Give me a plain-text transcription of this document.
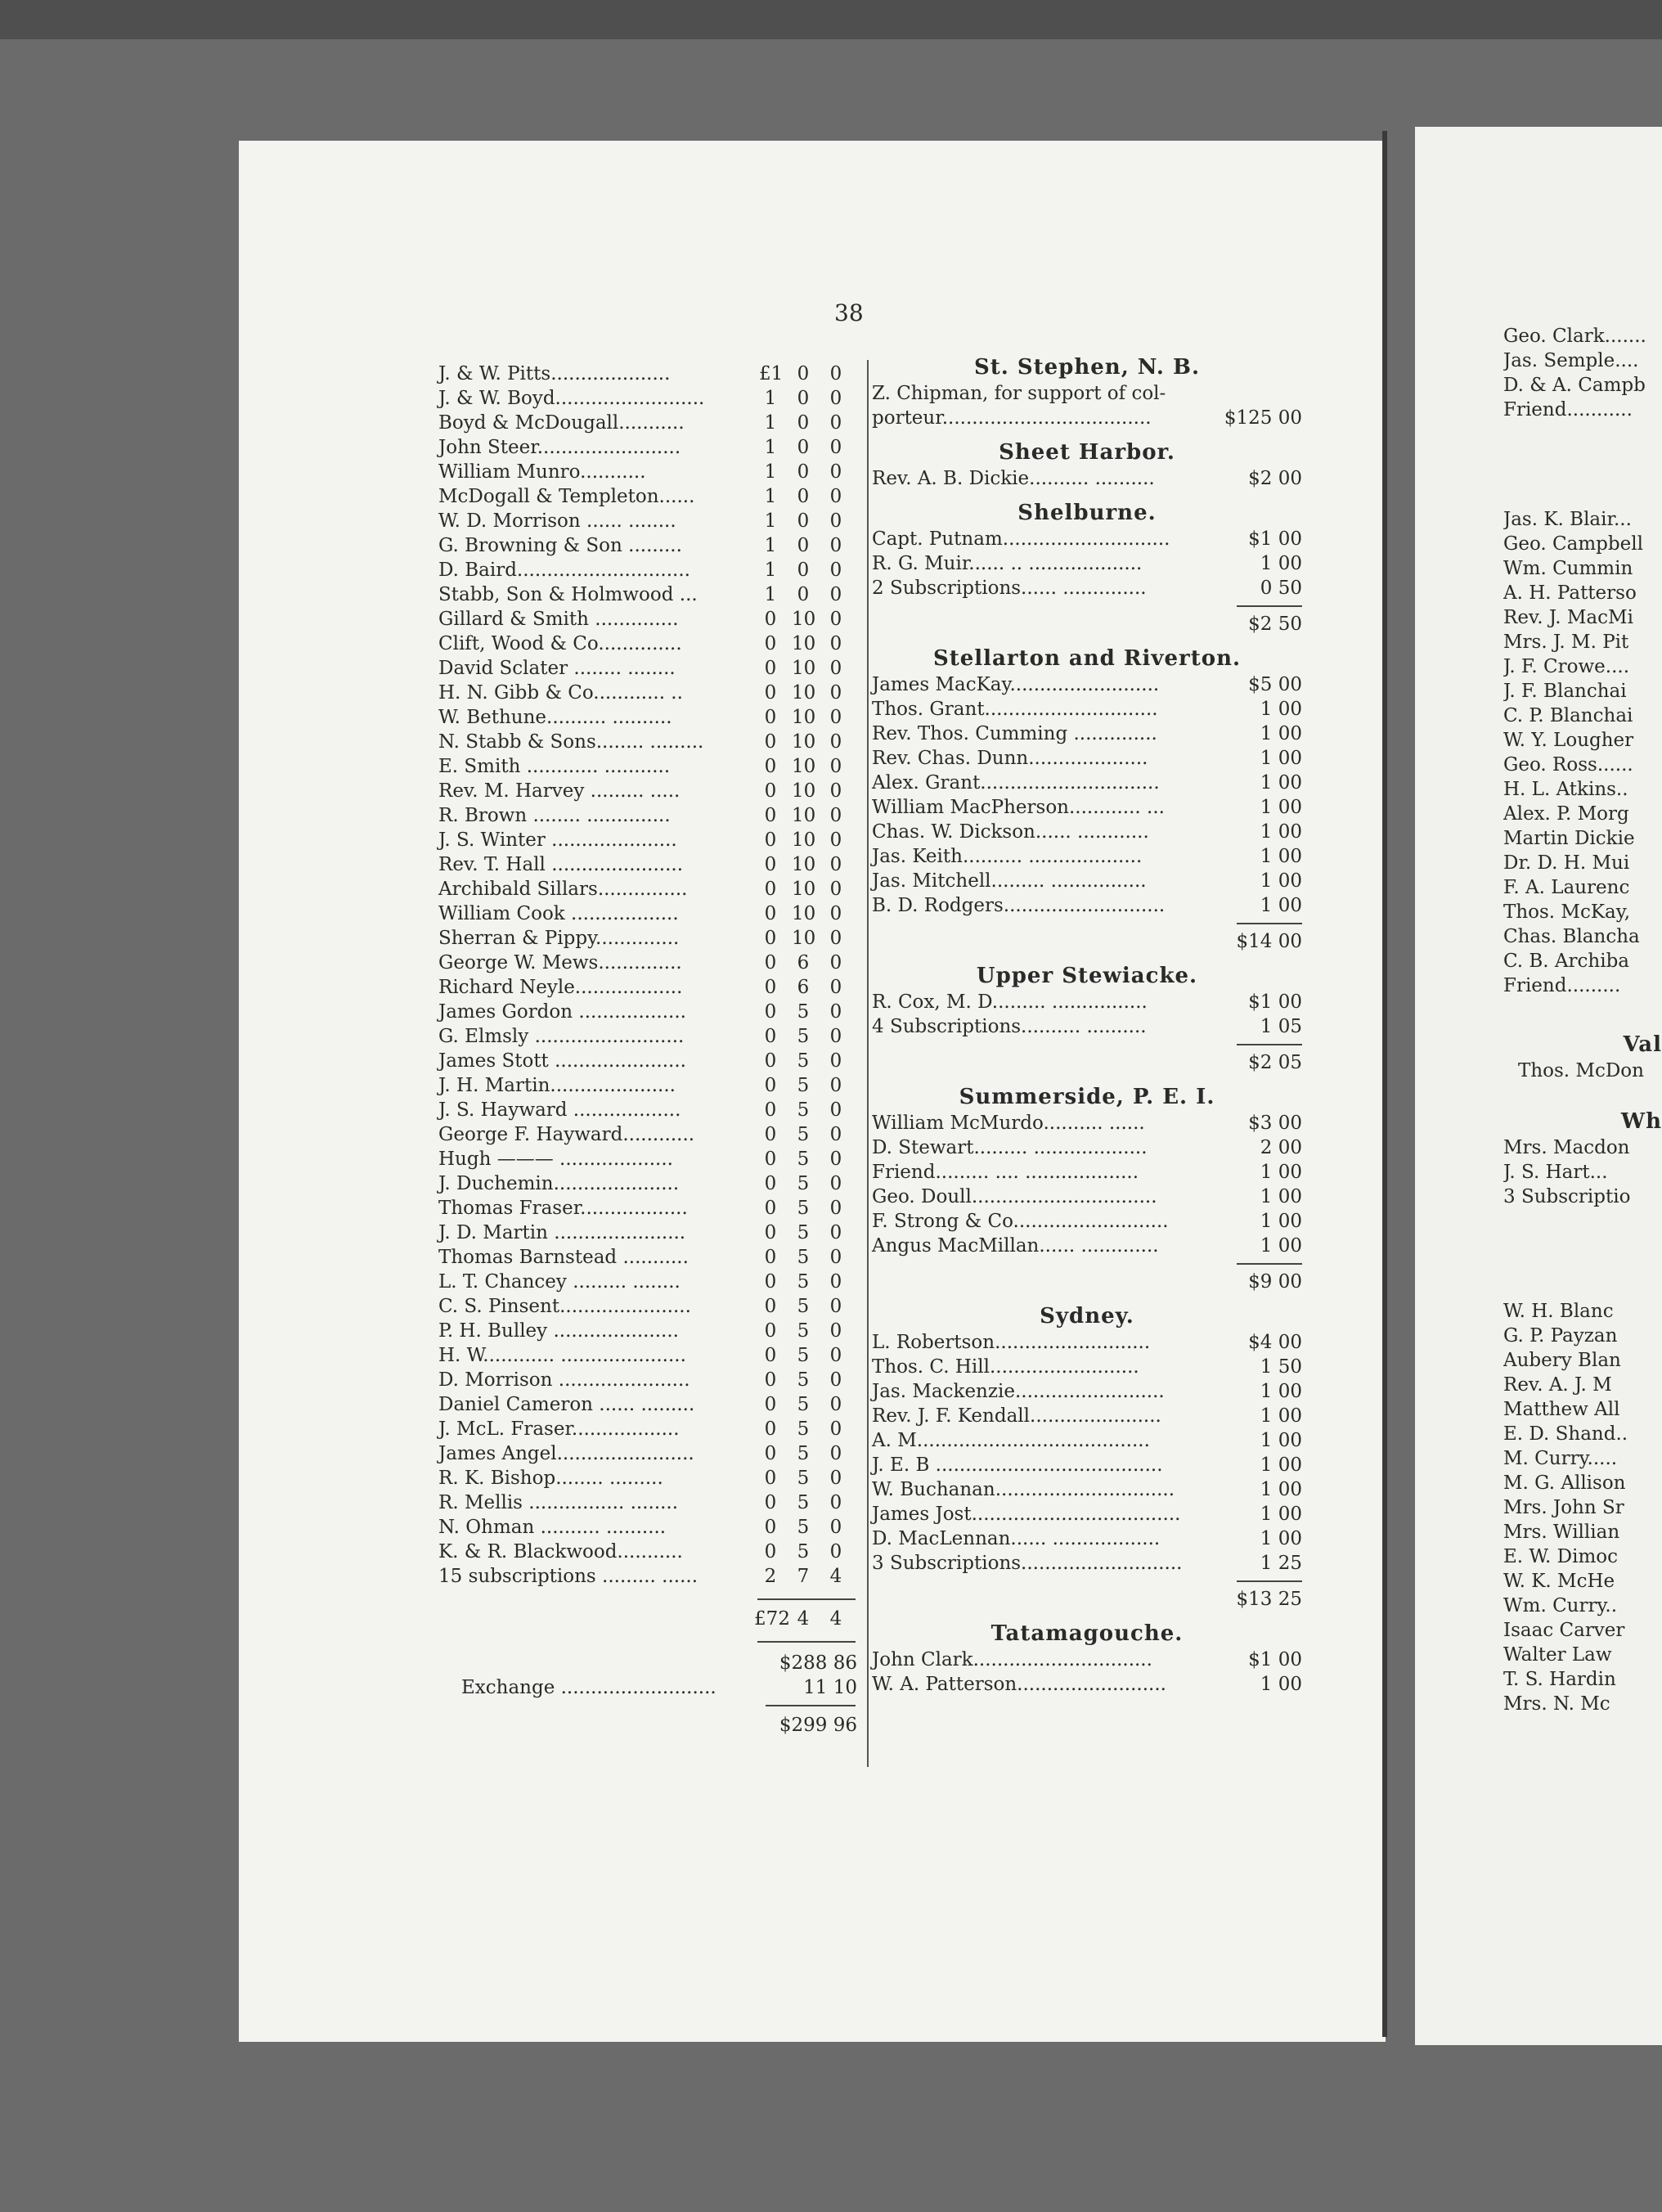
38
J. & W. Pitts....................	£1 0 0
J. & W. Boyd.........................	1 0 0
Boyd & McDougall...........	1 0 0
John Steer........................	1 0 0
William Munro...........	1 0 0
McDogall & Templeton......	1 0 0
W. D. Morrison ...... ........	1 0 0
G. Browning & Son .........	1 0 0
D. Baird.............................	1 0 0
Stabb, Son & Holmwood ...	1 0 0
Gillard & Smith ..............	0 10 0
Clift, Wood & Co..............	0 10 0
David Sclater ........ ........	0 10 0
H. N. Gibb & Co............ ..	0 10 0
W. Bethune.......... ..........	0 10 0
N. Stabb & Sons........ .........	0 10 0
E. Smith ............ ...........	0 10 0
Rev. M. Harvey ......... .....	0 10 0
R. Brown ........ ..............	0 10 0
J. S. Winter .....................	0 10 0
Rev. T. Hall ......................	0 10 0
Archibald Sillars...............	0 10 0
William Cook ..................	0 10 0
Sherran & Pippy..............	0 10 0
George W. Mews..............	0 6 0
Richard Neyle..................	0 6 0
James Gordon ..................	0 5 0
G. Elmsly .........................	0 5 0
James Stott ......................	0 5 0
J. H. Martin.....................	0 5 0
J. S. Hayward ..................	0 5 0
George F. Hayward............	0 5 0
Hugh ——— ...................	0 5 0
J. Duchemin.....................	0 5 0
Thomas Fraser..................	0 5 0
J. D. Martin ......................	0 5 0
Thomas Barnstead ...........	0 5 0
L. T. Chancey ......... ........	0 5 0
C. S. Pinsent......................	0 5 0
P. H. Bulley .....................	0 5 0
H. W............ .....................	0 5 0
D. Morrison ......................	0 5 0
Daniel Cameron ...... .........	0 5 0
J. McL. Fraser..................	0 5 0
James Angel.......................	0 5 0
R. K. Bishop........ .........	0 5 0
R. Mellis ................ ........	0 5 0
N. Ohman .......... ..........	0 5 0
K. & R. Blackwood...........	0 5 0
15 subscriptions ......... ......	2 7 4
£72 4 4
$288 86
Exchange ..........................	11 10
$299 96
St. Stephen, N. B.
Z. Chipman, for support of col-
porteur...................................	$125 00
Sheet Harbor.
Rev. A. B. Dickie.......... ..........	$2 00
Shelburne.
Capt. Putnam............................	$1 00
R. G. Muir...... .. ...................	1 00
2 Subscriptions...... ..............	0 50
$2 50
Stellarton and Riverton.
James MacKay.........................	$5 00
Thos. Grant.............................	1 00
Rev. Thos. Cumming ..............	1 00
Rev. Chas. Dunn....................	1 00
Alex. Grant..............................	1 00
William MacPherson............ ...	1 00
Chas. W. Dickson...... ............	1 00
Jas. Keith.......... ...................	1 00
Jas. Mitchell......... ................	1 00
B. D. Rodgers...........................	1 00
$14 00
Upper Stewiacke.
R. Cox, M. D......... ................	$1 00
4 Subscriptions.......... ..........	1 05
$2 05
Summerside, P. E. I.
William McMurdo.......... ......	$3 00
D. Stewart......... ...................	2 00
Friend......... .... ...................	1 00
Geo. Doull...............................	1 00
F. Strong & Co..........................	1 00
Angus MacMillan...... .............	1 00
$9 00
Sydney.
L. Robertson..........................	$4 00
Thos. C. Hill.........................	1 50
Jas. Mackenzie.........................	1 00
Rev. J. F. Kendall......................	1 00
A. M.......................................	1 00
J. E. B ......................................	1 00
W. Buchanan..............................	1 00
James Jost...................................	1 00
D. MacLennan...... ..................	1 00
3 Subscriptions...........................	1 25
$13 25
Tatamagouche.
John Clark..............................	$1 00
W. A. Patterson.........................	1 00
Geo. Clark.......
Jas. Semple....
D. & A. Campb
Friend...........
Jas. K. Blair...
Geo. Campbell
Wm. Cummin
A. H. Patterso
Rev. J. MacMi
Mrs. J. M. Pit
J. F. Crowe....
J. F. Blanchai
C. P. Blanchai
W. Y. Lougher
Geo. Ross......
H. L. Atkins..
Alex. P. Morg
Martin Dickie
Dr. D. H. Mui
F. A. Laurenc
Thos. McKay,
Chas. Blancha
C. B. Archiba
Friend.........
Val
Thos. McDon
Wh
Mrs. Macdon
J. S. Hart...
3 Subscriptio
W. H. Blanc
G. P. Payzan
Aubery Blan
Rev. A. J. M
Matthew All
E. D. Shand..
M. Curry.....
M. G. Allison
Mrs. John Sr
Mrs. Willian
E. W. Dimoc
W. K. McHe
Wm. Curry..
Isaac Carver
Walter Law
T. S. Hardin
Mrs. N. Mc
